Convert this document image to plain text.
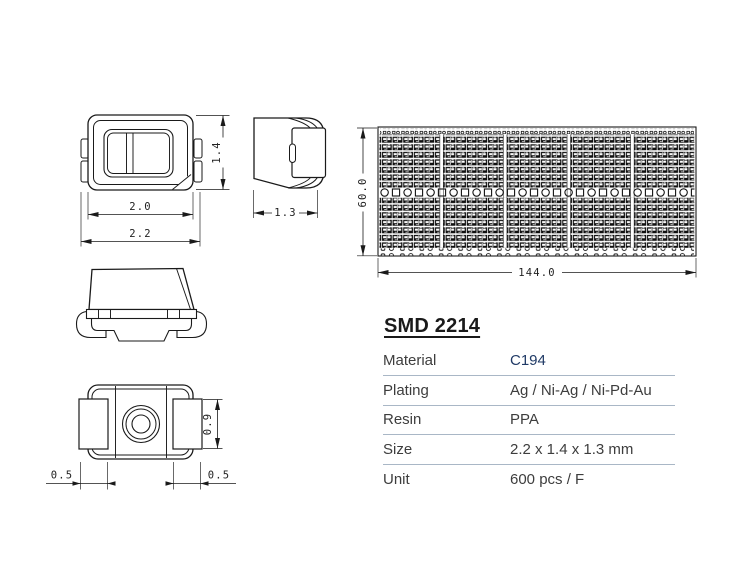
1.4
2.0
2.2
1.3
0.9
0.5	0.5
60.0
144.0
SMD 2214
Material	C194
Plating	Ag / Ni-Ag / Ni-Pd-Au
Resin	PPA
Size	2.2 x 1.4 x 1.3 mm
Unit	600 pcs / F
